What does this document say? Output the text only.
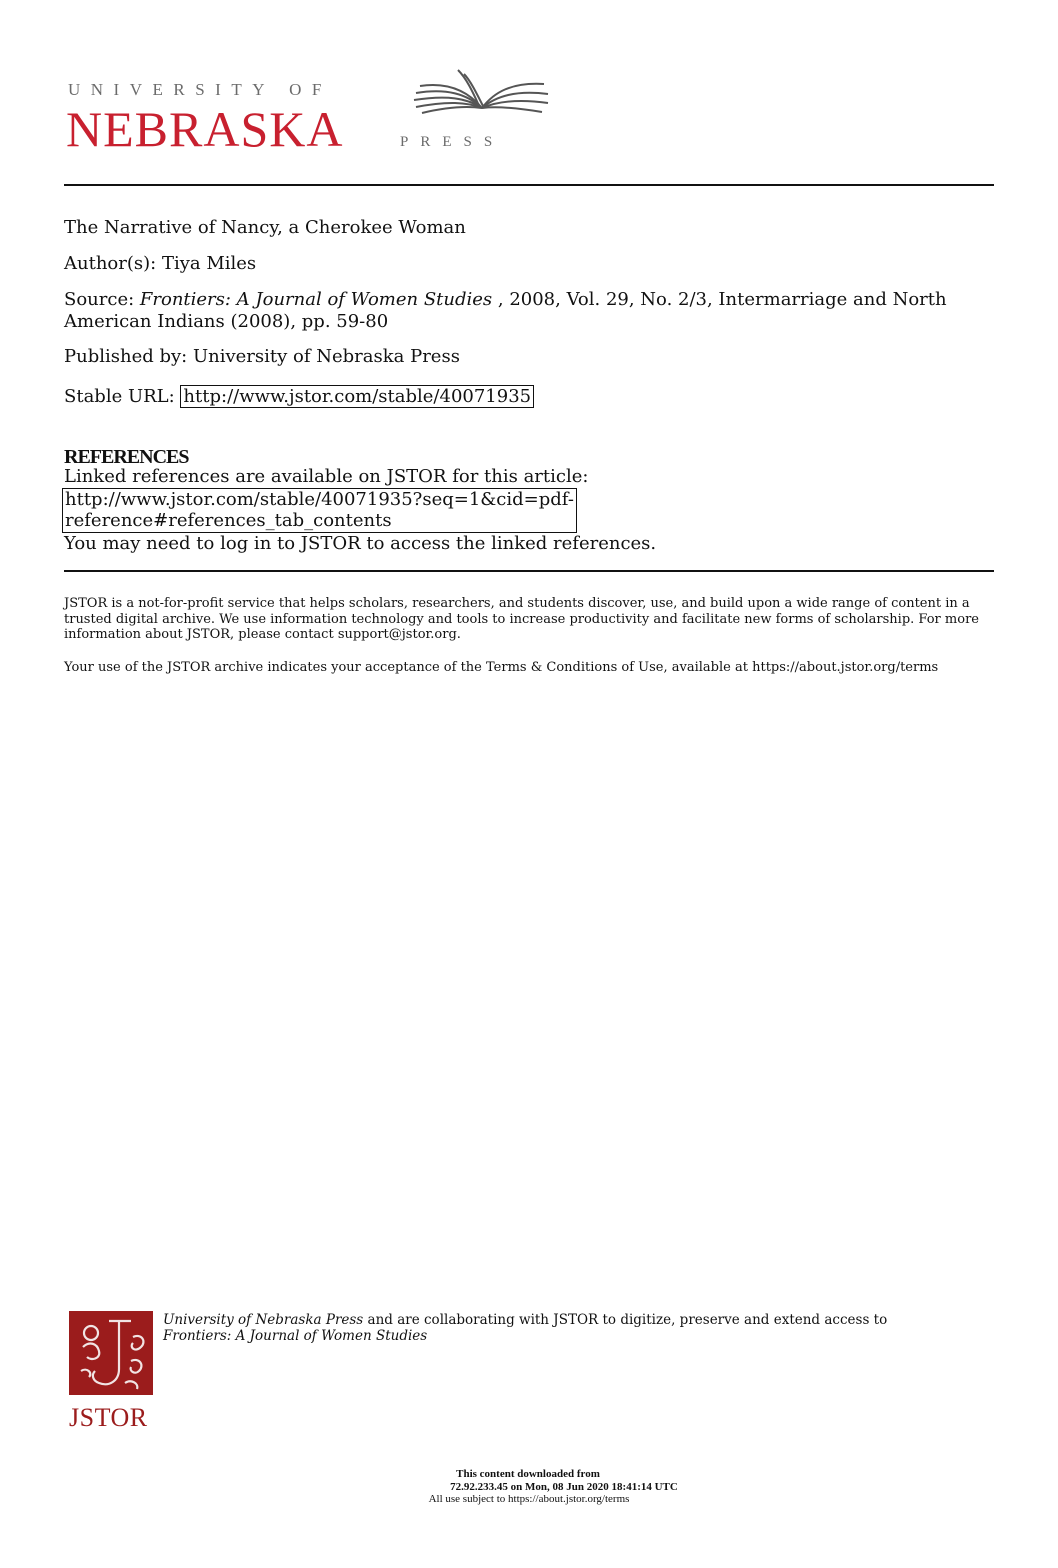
UNIVERSITY OF
NEBRASKA	PRESS
The Narrative of Nancy, a Cherokee Woman
Author(s): Tiya Miles
Source: Frontiers: A Journal of Women Studies , 2008, Vol. 29, No. 2/3, Intermarriage and North American Indians (2008), pp. 59-80
Published by: University of Nebraska Press
Stable URL: http://www.jstor.com/stable/40071935
REFERENCES
Linked references are available on JSTOR for this article:
http://www.jstor.com/stable/40071935?seq=1&cid=pdf-
reference#references_tab_contents
You may need to log in to JSTOR to access the linked references.
JSTOR is a not-for-profit service that helps scholars, researchers, and students discover, use, and build upon a wide range of content in a trusted digital archive. We use information technology and tools to increase productivity and facilitate new forms of scholarship. For more information about JSTOR, please contact support@jstor.org.
Your use of the JSTOR archive indicates your acceptance of the Terms & Conditions of Use, available at https://about.jstor.org/terms
JSTOR
University of Nebraska Press and are collaborating with JSTOR to digitize, preserve and extend access to Frontiers: A Journal of Women Studies
This content downloaded from
72.92.233.45 on Mon, 08 Jun 2020 18:41:14 UTC
All use subject to https://about.jstor.org/terms
